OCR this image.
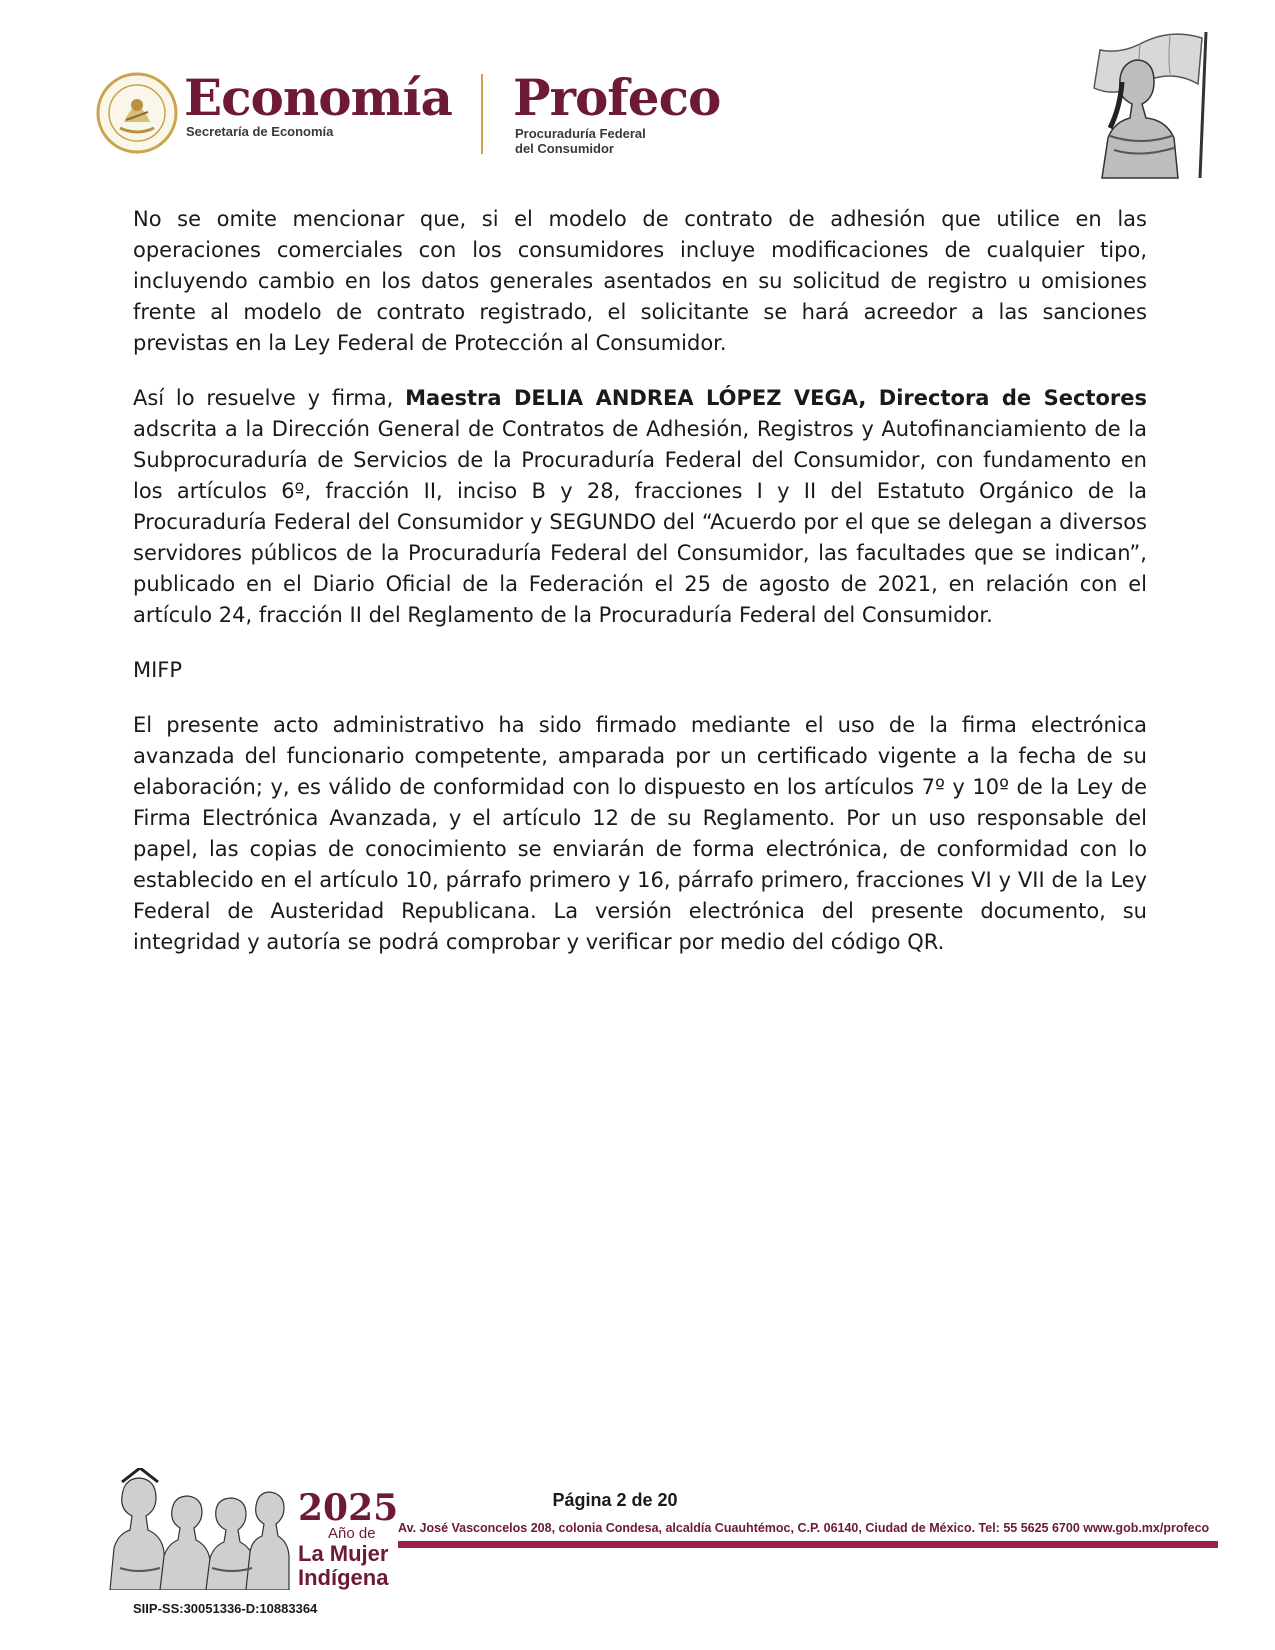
Economía
Secretaría de Economía
Profeco
Procuraduría Federal
del Consumidor

No se omite mencionar que, si el modelo de contrato de adhesión que utilice en las operaciones comerciales con los consumidores incluye modificaciones de cualquier tipo, incluyendo cambio en los datos generales asentados en su solicitud de registro u omisiones frente al modelo de contrato registrado, el solicitante se hará acreedor a las sanciones previstas en la Ley Federal de Protección al Consumidor.

Así lo resuelve y firma, Maestra DELIA ANDREA LÓPEZ VEGA, Directora de Sectores adscrita a la Dirección General de Contratos de Adhesión, Registros y Autofinanciamiento de la Subprocuraduría de Servicios de la Procuraduría Federal del Consumidor, con fundamento en los artículos 6º, fracción II, inciso B y 28, fracciones I y II del Estatuto Orgánico de la Procuraduría Federal del Consumidor y SEGUNDO del “Acuerdo por el que se delegan a diversos servidores públicos de la Procuraduría Federal del Consumidor, las facultades que se indican”, publicado en el Diario Oficial de la Federación el 25 de agosto de 2021, en relación con el artículo 24, fracción II del Reglamento de la Procuraduría Federal del Consumidor.

MIFP

El presente acto administrativo ha sido firmado mediante el uso de la firma electrónica avanzada del funcionario competente, amparada por un certificado vigente a la fecha de su elaboración; y, es válido de conformidad con lo dispuesto en los artículos 7º y 10º de la Ley de Firma Electrónica Avanzada, y el artículo 12 de su Reglamento. Por un uso responsable del papel, las copias de conocimiento se enviarán de forma electrónica, de conformidad con lo establecido en el artículo 10, párrafo primero y 16, párrafo primero, fracciones VI y VII de la Ley Federal de Austeridad Republicana. La versión electrónica del presente documento, su integridad y autoría se podrá comprobar y verificar por medio del código QR.

2025
Año de
La Mujer
Indígena
Página 2 de 20
Av. José Vasconcelos 208, colonia Condesa, alcaldía Cuauhtémoc, C.P. 06140, Ciudad de México. Tel: 55 5625 6700 www.gob.mx/profeco
SIIP-SS:30051336-D:10883364
